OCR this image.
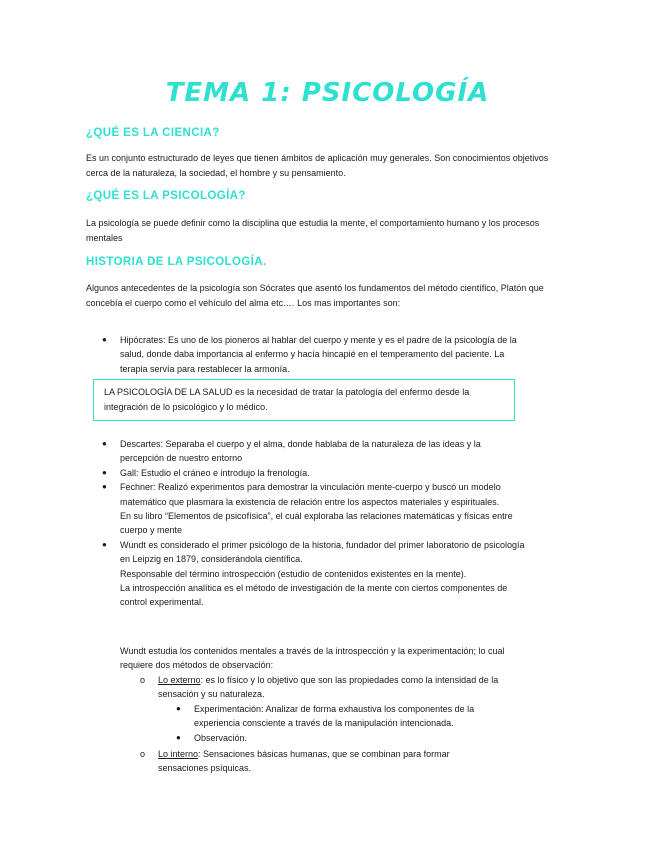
TEMA 1: PSICOLOGÍA
¿QUÉ ES LA CIENCIA?
Es un conjunto estructurado de leyes que tienen ámbitos de aplicación muy generales. Son conocimientos objetivos cerca de la naturaleza, la sociedad, el hombre y su pensamiento.
¿QUÉ ES LA PSICOLOGÍA?
La psicología se puede definir como la disciplina que estudia la mente, el comportamiento humano y los procesos mentales
HISTORIA DE LA PSICOLOGÍA.
Algunos antecedentes de la psicología son Sócrates que asentó los fundamentos del método científico, Platón que concebía el cuerpo como el vehículo del alma etc.… Los mas importantes son:
● Hipócrates: Es uno de los pioneros al hablar del cuerpo y mente y es el padre de la psicología de la salud, donde daba importancia al enfermo y hacía hincapié en el temperamento del paciente. La terapia servía para restablecer la armonía.
LA PSICOLOGÍA DE LA SALUD es la necesidad de tratar la patología del enfermo desde la integración de lo psicológico y lo médico.
● Descartes: Separaba el cuerpo y el alma, donde hablaba de la naturaleza de las ideas y la percepción de nuestro entorno
● Gall: Estudio el cráneo e introdujo la frenología.
● Fechner: Realizó experimentos para demostrar la vinculación mente-cuerpo y buscó un modelo matemático que plasmara la existencia de relación entre los aspectos materiales y espirituales.
En su libro “Elementos de psicofísica”, el cuál exploraba las relaciones matemáticas y físicas entre cuerpo y mente
● Wundt es considerado el primer psicólogo de la historia, fundador del primer laboratorio de psicología en Leipzig en 1879, considerándola científica.
Responsable del término introspección (estudio de contenidos existentes en la mente).
La introspección analítica es el método de investigación de la mente con ciertos componentes de control experimental.
Wundt estudia los contenidos mentales a través de la introspección y la experimentación; lo cual requiere dos métodos de observación:
o	Lo externo: es lo físico y lo objetivo que son las propiedades como la intensidad de la sensación y su naturaleza.
● Experimentación: Analizar de forma exhaustiva los componentes de la experiencia consciente a través de la manipulación intencionada.
● Observación.
o	Lo interno: Sensaciones básicas humanas, que se combinan para formar sensaciones psíquicas.
